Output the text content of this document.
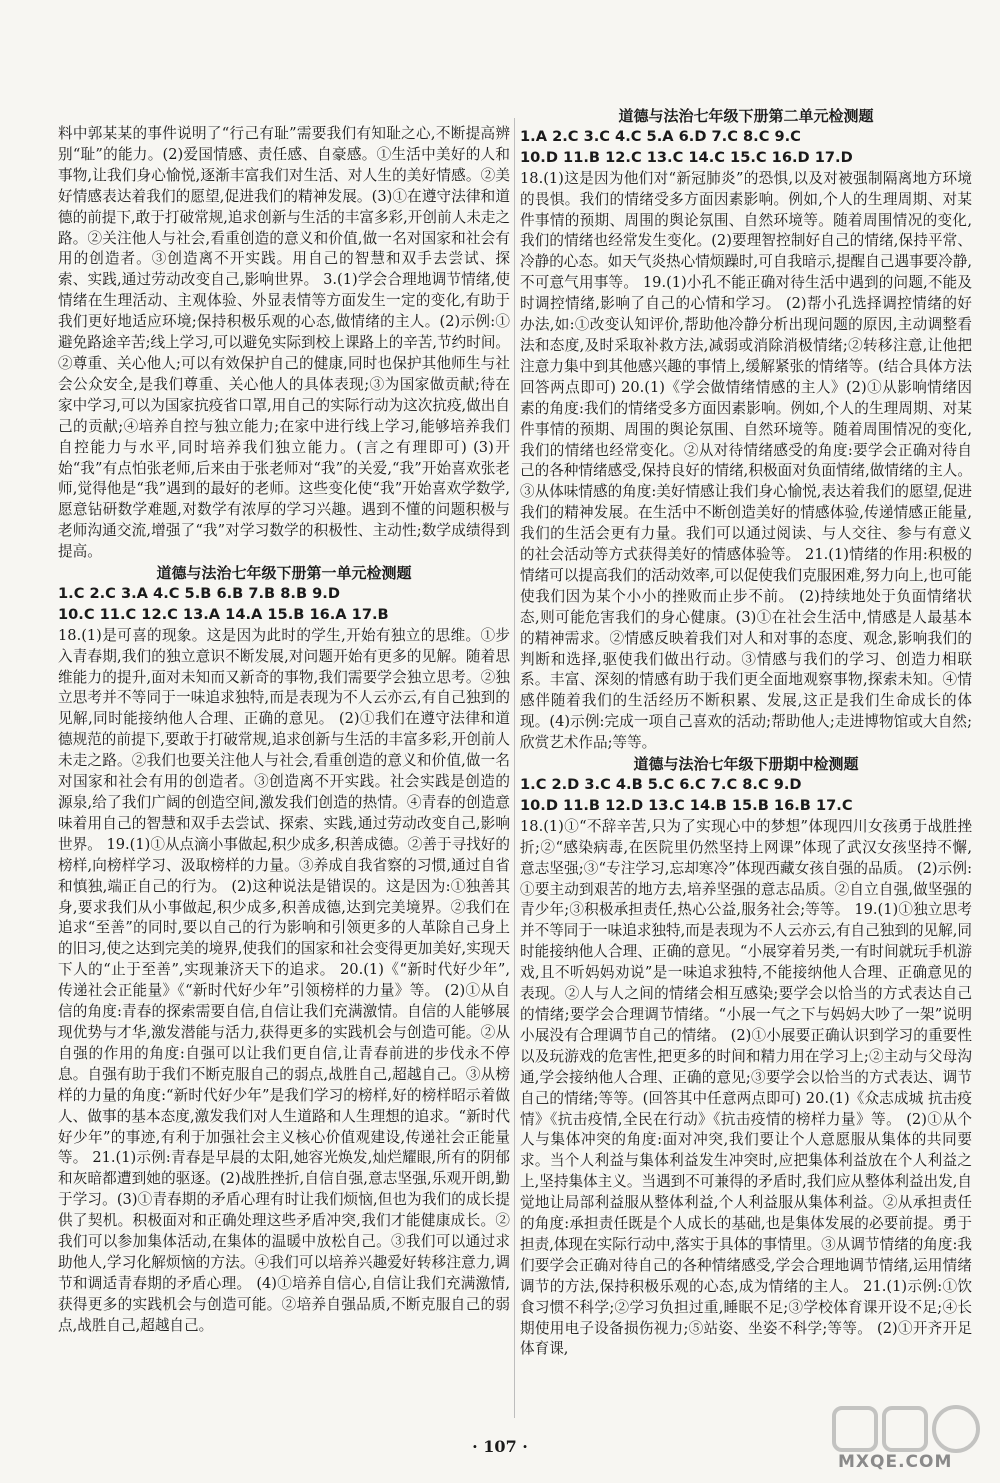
料中郭某某的事件说明了“行己有耻”需要我们有知耻之心,不断提高辨别“耻”的能力。(2)爱国情感、责任感、自豪感。①生活中美好的人和事物,让我们身心愉悦,逐渐丰富我们对生活、对人生的美好情感。②美好情感表达着我们的愿望,促进我们的精神发展。(3)①在遵守法律和道德的前提下,敢于打破常规,追求创新与生活的丰富多彩,开创前人未走之路。②关注他人与社会,看重创造的意义和价值,做一名对国家和社会有用的创造者。③创造离不开实践。用自己的智慧和双手去尝试、探索、实践,通过劳动改变自己,影响世界。 3.(1)学会合理地调节情绪,使情绪在生理活动、主观体验、外显表情等方面发生一定的变化,有助于我们更好地适应环境;保持积极乐观的心态,做情绪的主人。(2)示例:①避免路途辛苦;线上学习,可以避免实际到校上课路上的辛苦,节约时间。②尊重、关心他人;可以有效保护自己的健康,同时也保护其他师生与社会公众安全,是我们尊重、关心他人的具体表现;③为国家做贡献;待在家中学习,可以为国家抗疫省口罩,用自己的实际行动为这次抗疫,做出自己的贡献;④培养自控与独立能力;在家中进行线上学习,能够培养我们自控能力与水平,同时培养我们独立能力。(言之有理即可) (3)开始“我”有点怕张老师,后来由于张老师对“我”的关爱,“我”开始喜欢张老师,觉得他是“我”遇到的最好的老师。这些变化使“我”开始喜欢学数学,愿意钻研数学难题,对数学有浓厚的学习兴趣。遇到不懂的问题积极与老师沟通交流,增强了“我”对学习数学的积极性、主动性;数学成绩得到提高。

道德与法治七年级下册第一单元检测题

1.C 2.C 3.A 4.C 5.B 6.B 7.B 8.B 9.D

10.C 11.C 12.C 13.A 14.A 15.B 16.A 17.B

18.(1)是可喜的现象。这是因为此时的学生,开始有独立的思维。①步入青春期,我们的独立意识不断发展,对问题开始有更多的见解。随着思维能力的提升,面对未知而又新奇的事物,我们需要学会独立思考。②独立思考并不等同于一味追求独特,而是表现为不人云亦云,有自己独到的见解,同时能接纳他人合理、正确的意见。 (2)①我们在遵守法律和道德规范的前提下,要敢于打破常规,追求创新与生活的丰富多彩,开创前人未走之路。②我们也要关注他人与社会,看重创造的意义和价值,做一名对国家和社会有用的创造者。③创造离不开实践。社会实践是创造的源泉,给了我们广阔的创造空间,激发我们创造的热情。④青春的创造意味着用自己的智慧和双手去尝试、探索、实践,通过劳动改变自己,影响世界。 19.(1)①从点滴小事做起,积少成多,积善成德。②善于寻找好的榜样,向榜样学习、汲取榜样的力量。③养成自我省察的习惯,通过自省和慎独,端正自己的行为。 (2)这种说法是错误的。这是因为:①独善其身,要求我们从小事做起,积少成多,积善成德,达到完美境界。②我们在追求“至善”的同时,要以自己的行为影响和引领更多的人革除自己身上的旧习,使之达到完美的境界,使我们的国家和社会变得更加美好,实现天下人的“止于至善”,实现兼济天下的追求。 20.(1)《“新时代好少年”,传递社会正能量》《“新时代好少年”引领榜样的力量》等。 (2)①从自信的角度:青春的探索需要自信,自信让我们充满激情。自信的人能够展现优势与才华,激发潜能与活力,获得更多的实践机会与创造可能。②从自强的作用的角度:自强可以让我们更自信,让青春前进的步伐永不停息。自强有助于我们不断克服自己的弱点,战胜自己,超越自己。③从榜样的力量的角度:“新时代好少年”是我们学习的榜样,好的榜样昭示着做人、做事的基本态度,激发我们对人生道路和人生理想的追求。“新时代好少年”的事迹,有利于加强社会主义核心价值观建设,传递社会正能量等。 21.(1)示例:青春是早晨的太阳,她容光焕发,灿烂耀眼,所有的阴郁和灰暗都遭到她的驱逐。(2)战胜挫折,自信自强,意志坚强,乐观开朗,勤于学习。(3)①青春期的矛盾心理有时让我们烦恼,但也为我们的成长提供了契机。积极面对和正确处理这些矛盾冲突,我们才能健康成长。②我们可以参加集体活动,在集体的温暖中放松自己。③我们可以通过求助他人,学习化解烦恼的方法。④我们可以培养兴趣爱好转移注意力,调节和调适青春期的矛盾心理。 (4)①培养自信心,自信让我们充满激情,获得更多的实践机会与创造可能。②培养自强品质,不断克服自己的弱点,战胜自己,超越自己。

道德与法治七年级下册第二单元检测题

1.A 2.C 3.C 4.C 5.A 6.D 7.C 8.C 9.C

10.D 11.B 12.C 13.C 14.C 15.C 16.D 17.D

18.(1)这是因为他们对“新冠肺炎”的恐惧,以及对被强制隔离地方环境的畏惧。我们的情绪受多方面因素影响。例如,个人的生理周期、对某件事情的预期、周围的舆论氛围、自然环境等。随着周围情况的变化,我们的情绪也经常发生变化。(2)要理智控制好自己的情绪,保持平常、冷静的心态。如天气炎热心情烦躁时,可自我暗示,提醒自己遇事要冷静,不可意气用事等。 19.(1)小孔不能正确对待生活中遇到的问题,不能及时调控情绪,影响了自己的心情和学习。 (2)帮小孔选择调控情绪的好办法,如:①改变认知评价,帮助他冷静分析出现问题的原因,主动调整看法和态度,及时采取补救方法,减弱或消除消极情绪;②转移注意,让他把注意力集中到其他感兴趣的事情上,缓解紧张的情绪等。(结合具体方法回答两点即可) 20.(1)《学会做情绪情感的主人》(2)①从影响情绪因素的角度:我们的情绪受多方面因素影响。例如,个人的生理周期、对某件事情的预期、周围的舆论氛围、自然环境等。随着周围情况的变化,我们的情绪也经常变化。②从对待情绪感受的角度:要学会正确对待自己的各种情绪感受,保持良好的情绪,积极面对负面情绪,做情绪的主人。③从体味情感的角度:美好情感让我们身心愉悦,表达着我们的愿望,促进我们的精神发展。在生活中不断创造美好的情感体验,传递情感正能量,我们的生活会更有力量。我们可以通过阅读、与人交往、参与有意义的社会活动等方式获得美好的情感体验等。 21.(1)情绪的作用:积极的情绪可以提高我们的活动效率,可以促使我们克服困难,努力向上,也可能使我们因为某个小小的挫败而止步不前。 (2)持续地处于负面情绪状态,则可能危害我们的身心健康。(3)①在社会生活中,情感是人最基本的精神需求。②情感反映着我们对人和对事的态度、观念,影响我们的判断和选择,驱使我们做出行动。③情感与我们的学习、创造力相联系。丰富、深刻的情感有助于我们更全面地观察事物,探索未知。④情感伴随着我们的生活经历不断积累、发展,这正是我们生命成长的体现。(4)示例:完成一项自己喜欢的活动;帮助他人;走进博物馆或大自然;欣赏艺术作品;等等。

道德与法治七年级下册期中检测题

1.C 2.D 3.C 4.B 5.C 6.C 7.C 8.C 9.D

10.D 11.B 12.D 13.C 14.B 15.B 16.B 17.C

18.(1)①“不辞辛苦,只为了实现心中的梦想”体现四川女孩勇于战胜挫折;②“感染病毒,在医院里仍然坚持上网课”体现了武汉女孩坚持不懈,意志坚强;③“专注学习,忘却寒冷”体现西藏女孩自强的品质。 (2)示例:①要主动到艰苦的地方去,培养坚强的意志品质。②自立自强,做坚强的青少年;③积极承担责任,热心公益,服务社会;等等。 19.(1)①独立思考并不等同于一味追求独特,而是表现为不人云亦云,有自己独到的见解,同时能接纳他人合理、正确的意见。“小展穿着另类,一有时间就玩手机游戏,且不听妈妈劝说”是一味追求独特,不能接纳他人合理、正确意见的表现。②人与人之间的情绪会相互感染;要学会以恰当的方式表达自己的情绪;要学会合理调节情绪。“小展一气之下与妈妈大吵了一架”说明小展没有合理调节自己的情绪。 (2)①小展要正确认识到学习的重要性以及玩游戏的危害性,把更多的时间和精力用在学习上;②主动与父母沟通,学会接纳他人合理、正确的意见;③要学会以恰当的方式表达、调节自己的情绪;等等。(回答其中任意两点即可) 20.(1)《众志成城 抗击疫情》《抗击疫情,全民在行动》《抗击疫情的榜样力量》等。 (2)①从个人与集体冲突的角度:面对冲突,我们要让个人意愿服从集体的共同要求。当个人利益与集体利益发生冲突时,应把集体利益放在个人利益之上,坚持集体主义。当遇到不可兼得的矛盾时,我们应从整体利益出发,自觉地让局部利益服从整体利益,个人利益服从集体利益。②从承担责任的角度:承担责任既是个人成长的基础,也是集体发展的必要前提。勇于担责,体现在实际行动中,落实于具体的事情里。③从调节情绪的角度:我们要学会正确对待自己的各种情绪感受,学会合理地调节情绪,运用情绪调节的方法,保持积极乐观的心态,成为情绪的主人。 21.(1)示例:①饮食习惯不科学;②学习负担过重,睡眠不足;③学校体育课开设不足;④长期使用电子设备损伤视力;⑤站姿、坐姿不科学;等等。 (2)①开齐开足体育课,

· 107 ·
MXQE.COM
